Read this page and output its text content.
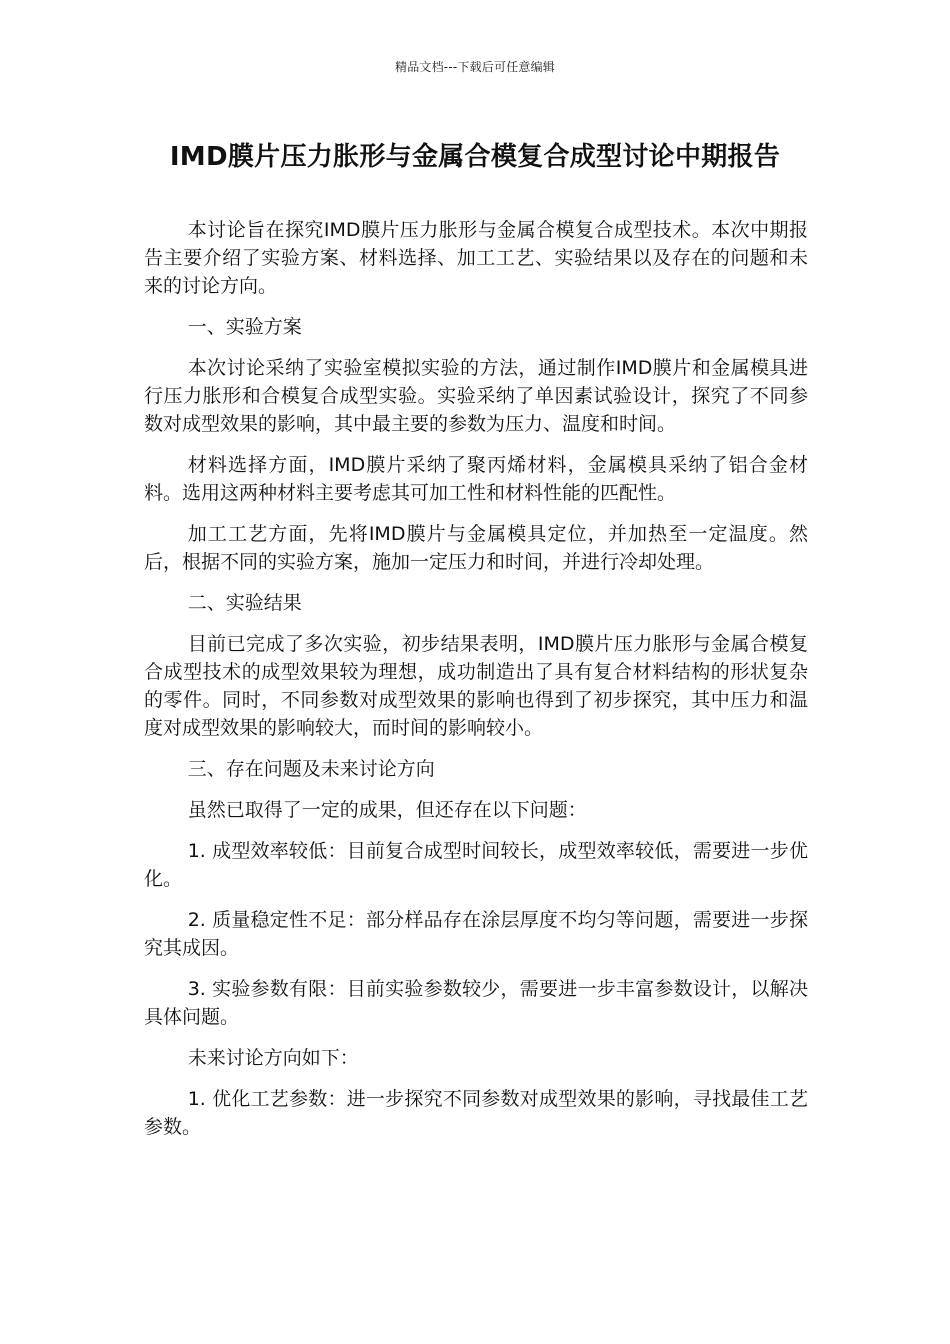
精品文档---下载后可任意编辑
IMD膜片压力胀形与金属合模复合成型讨论中期报告

本讨论旨在探究IMD膜片压力胀形与金属合模复合成型技术。本次中期报告主要介绍了实验方案、材料选择、加工工艺、实验结果以及存在的问题和未来的讨论方向。

一、实验方案

本次讨论采纳了实验室模拟实验的方法，通过制作IMD膜片和金属模具进行压力胀形和合模复合成型实验。实验采纳了单因素试验设计，探究了不同参数对成型效果的影响，其中最主要的参数为压力、温度和时间。

材料选择方面，IMD膜片采纳了聚丙烯材料，金属模具采纳了铝合金材料。选用这两种材料主要考虑其可加工性和材料性能的匹配性。

加工工艺方面，先将IMD膜片与金属模具定位，并加热至一定温度。然后，根据不同的实验方案，施加一定压力和时间，并进行冷却处理。

二、实验结果

目前已完成了多次实验，初步结果表明，IMD膜片压力胀形与金属合模复合成型技术的成型效果较为理想，成功制造出了具有复合材料结构的形状复杂的零件。同时，不同参数对成型效果的影响也得到了初步探究，其中压力和温度对成型效果的影响较大，而时间的影响较小。

三、存在问题及未来讨论方向

虽然已取得了一定的成果，但还存在以下问题：

1. 成型效率较低：目前复合成型时间较长，成型效率较低，需要进一步优化。

2. 质量稳定性不足：部分样品存在涂层厚度不均匀等问题，需要进一步探究其成因。

3. 实验参数有限：目前实验参数较少，需要进一步丰富参数设计，以解决具体问题。

未来讨论方向如下：

1. 优化工艺参数：进一步探究不同参数对成型效果的影响，寻找最佳工艺参数。
